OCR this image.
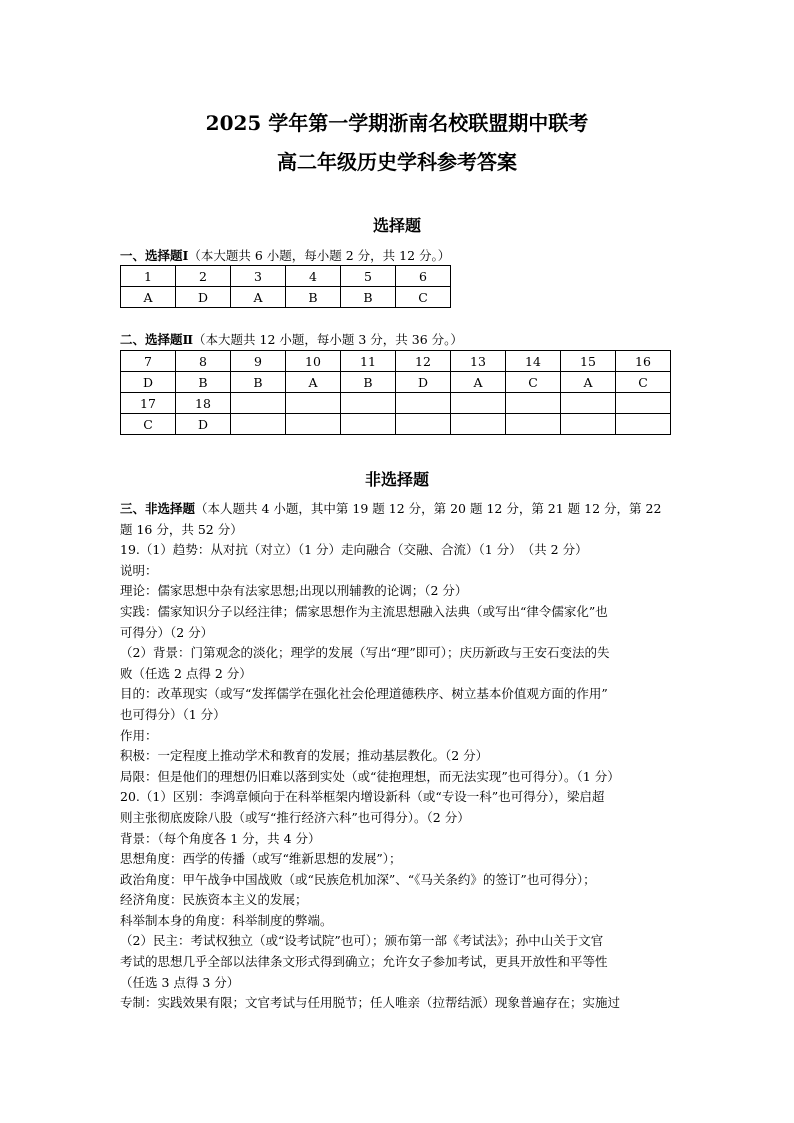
2025 学年第一学期浙南名校联盟期中联考
高二年级历史学科参考答案
选择题
一、选择题Ⅰ（本大题共 6 小题，每小题 2 分，共 12 分。）
1	2	3	4	5	6
A	D	A	B	B	C
二、选择题Ⅱ（本大题共 12 小题，每小题 3 分，共 36 分。）
7	8	9	10	11	12	13	14	15	16
D	B	B	A	B	D	A	C	A	C
17	18								
C	D								
非选择题

三、非选择题（本人题共 4 小题，其中第 19 题 12 分，第 20 题 12 分，第 21 题 12 分，第 22

题 16 分，共 52 分）

19.（1）趋势：从对抗（对立）（1 分）走向融合（交融、合流）（1 分）　（共 2 分）

说明：

理论：儒家思想中杂有法家思想;出现以刑辅教的论调；（2 分）

实践：儒家知识分子以经注律；儒家思想作为主流思想融入法典（或写出“律令儒家化”也

可得分）（2 分）

（2）背景：门第观念的淡化；理学的发展（写出“理”即可）；庆历新政与王安石变法的失

败（任选 2 点得 2 分）

目的：改革现实（或写“发挥儒学在强化社会伦理道德秩序、树立基本价值观方面的作用”

也可得分）（1 分）

作用：

积极：一定程度上推动学术和教育的发展；推动基层教化。（2 分）

局限：但是他们的理想仍旧难以落到实处（或“徒抱理想，而无法实现”也可得分）。（1 分）

20.（1）区别：李鸿章倾向于在科举框架内增设新科（或“专设一科”也可得分），梁启超

则主张彻底废除八股（或写“推行经济六科”也可得分）。（2 分）

背景：（每个角度各 1 分，共 4 分）

思想角度：西学的传播（或写“维新思想的发展”）；

政治角度：甲午战争中国战败（或“民族危机加深”、“《马关条约》的签订”也可得分）；

经济角度：民族资本主义的发展；

科举制本身的角度：科举制度的弊端。

（2）民主：考试权独立（或“设考试院”也可）；颁布第一部《考试法》；孙中山关于文官

考试的思想几乎全部以法律条文形式得到确立；允许女子参加考试，更具开放性和平等性

（任选 3 点得 3 分）

专制：实践效果有限；文官考试与任用脱节；任人唯亲（拉帮结派）现象普遍存在；实施过
